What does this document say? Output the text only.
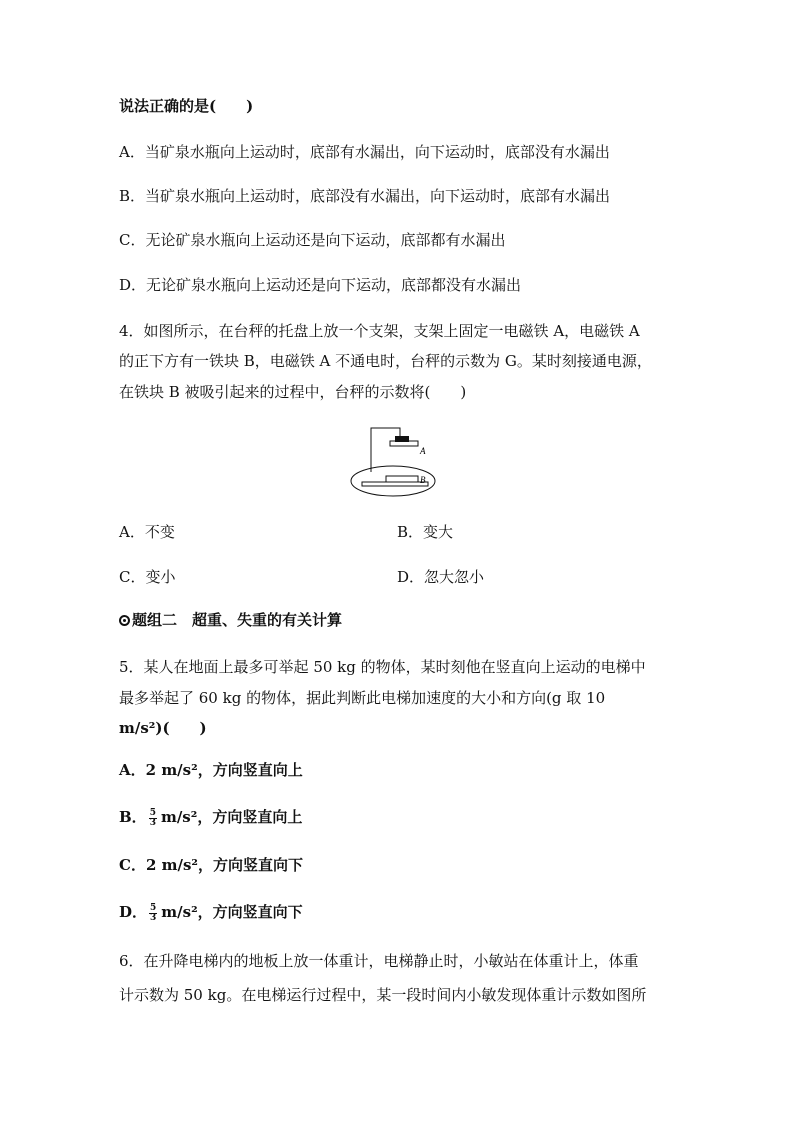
说法正确的是(　　)
A．当矿泉水瓶向上运动时，底部有水漏出，向下运动时，底部没有水漏出
B．当矿泉水瓶向上运动时，底部没有水漏出，向下运动时，底部有水漏出
C．无论矿泉水瓶向上运动还是向下运动，底部都有水漏出
D．无论矿泉水瓶向上运动还是向下运动，底部都没有水漏出
4．如图所示，在台秤的托盘上放一个支架，支架上固定一电磁铁 A，电磁铁 A
的正下方有一铁块 B，电磁铁 A 不通电时，台秤的示数为 G。某时刻接通电源，
在铁块 B 被吸引起来的过程中，台秤的示数将(　　)
A
B
A．不变	B．变大
C．变小	D．忽大忽小
题组二　超重、失重的有关计算
5．某人在地面上最多可举起 50 kg 的物体，某时刻他在竖直向上运动的电梯中
最多举起了 60 kg 的物体，据此判断此电梯加速度的大小和方向(g 取 10
m/s²)(　　)
A．2 m/s²，方向竖直向上
B． $\frac{5}{3} m/s^2$，方向竖直向上
C．2 m/s²，方向竖直向下
D． $\frac{5}{3} m/s^2$，方向竖直向下
6．在升降电梯内的地板上放一体重计，电梯静止时，小敏站在体重计上，体重
计示数为 50 kg。在电梯运行过程中，某一段时间内小敏发现体重计示数如图所
